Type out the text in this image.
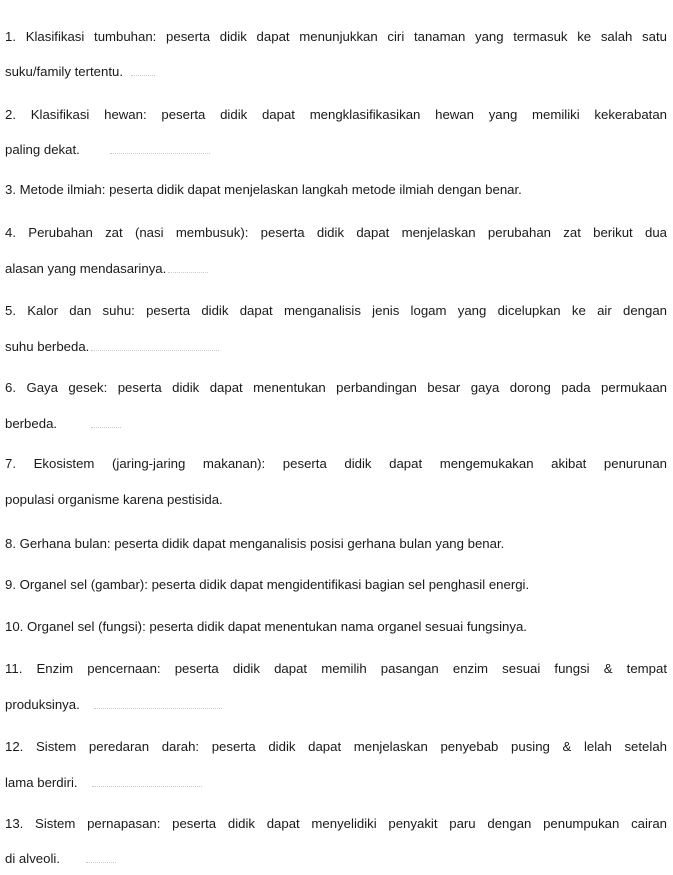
1. Klasifikasi tumbuhan: peserta didik dapat menunjukkan ciri tanaman yang termasuk ke salah satu
suku/family tertentu.
2. Klasifikasi hewan: peserta didik dapat mengklasifikasikan hewan yang memiliki kekerabatan
paling dekat.
3. Metode ilmiah: peserta didik dapat menjelaskan langkah metode ilmiah dengan benar.
4. Perubahan zat (nasi membusuk): peserta didik dapat menjelaskan perubahan zat berikut dua
alasan yang mendasarinya.
5. Kalor dan suhu: peserta didik dapat menganalisis jenis logam yang dicelupkan ke air dengan
suhu berbeda.
6. Gaya gesek: peserta didik dapat menentukan perbandingan besar gaya dorong pada permukaan
berbeda.
7. Ekosistem (jaring-jaring makanan): peserta didik dapat mengemukakan akibat penurunan
populasi organisme karena pestisida.
8. Gerhana bulan: peserta didik dapat menganalisis posisi gerhana bulan yang benar.
9. Organel sel (gambar): peserta didik dapat mengidentifikasi bagian sel penghasil energi.
10. Organel sel (fungsi): peserta didik dapat menentukan nama organel sesuai fungsinya.
11. Enzim pencernaan: peserta didik dapat memilih pasangan enzim sesuai fungsi & tempat
produksinya.
12. Sistem peredaran darah: peserta didik dapat menjelaskan penyebab pusing & lelah setelah
lama berdiri.
13. Sistem pernapasan: peserta didik dapat menyelidiki penyakit paru dengan penumpukan cairan
di alveoli.
